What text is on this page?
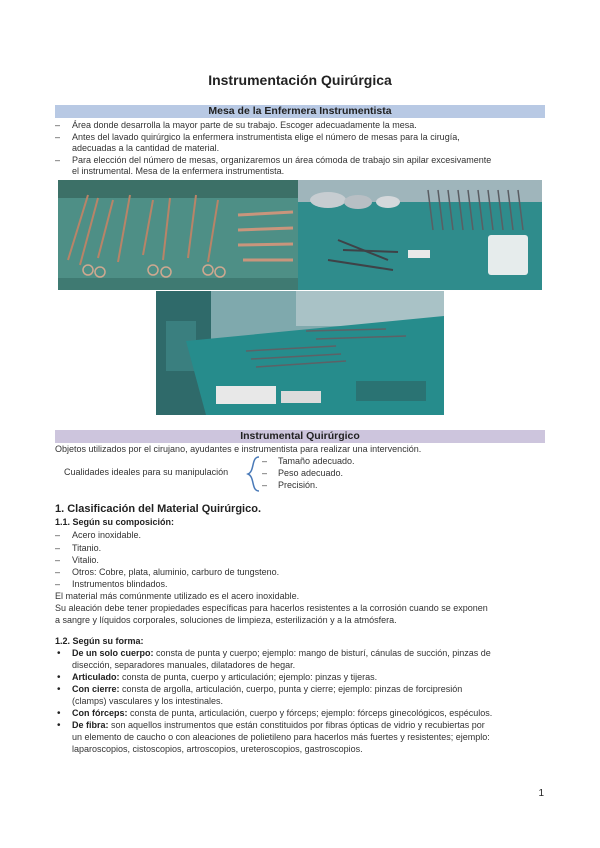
Instrumentación Quirúrgica
Mesa de la Enfermera Instrumentista
– Área donde desarrolla la mayor parte de su trabajo. Escoger adecuadamente la mesa.
– Antes del lavado quirúrgico la enfermera instrumentista elige el número de mesas para la cirugía,
adecuadas a la cantidad de material.
– Para elección del número de mesas, organizaremos un área cómoda de trabajo sin apilar excesivamente
el instrumental. Mesa de la enfermera instrumentista.
Instrumental Quirúrgico
Objetos utilizados por el cirujano, ayudantes e instrumentista para realizar una intervención.
Cualidades ideales para su manipulación
– Tamaño adecuado.
– Peso adecuado.
– Precisión.
1. Clasificación del Material Quirúrgico.
1.1. Según su composición:
– Acero inoxidable.
– Titanio.
– Vitalio.
– Otros: Cobre, plata, aluminio, carburo de tungsteno.
– Instrumentos blindados.
El material más comúnmente utilizado es el acero inoxidable.
Su aleación debe tener propiedades específicas para hacerlos resistentes a la corrosión cuando se exponen
a sangre y líquidos corporales, soluciones de limpieza, esterilización y a la atmósfera.
1.2. Según su forma:
• De un solo cuerpo: consta de punta y cuerpo; ejemplo: mango de bisturí, cánulas de succión, pinzas de
disección, separadores manuales, dilatadores de hegar.
• Articulado: consta de punta, cuerpo y articulación; ejemplo: pinzas y tijeras.
• Con cierre: consta de argolla, articulación, cuerpo, punta y cierre; ejemplo: pinzas de forcipresión
(clamps) vasculares y los intestinales.
• Con fórceps: consta de punta, articulación, cuerpo y fórceps; ejemplo: fórceps ginecológicos, espéculos.
• De fibra: son aquellos instrumentos que están constituidos por fibras ópticas de vidrio y recubiertas por
un elemento de caucho o con aleaciones de polietileno para hacerlos más fuertes y resistentes; ejemplo:
laparoscopios, cistoscopios, artroscopios, ureteroscopios, gastroscopios.
1
